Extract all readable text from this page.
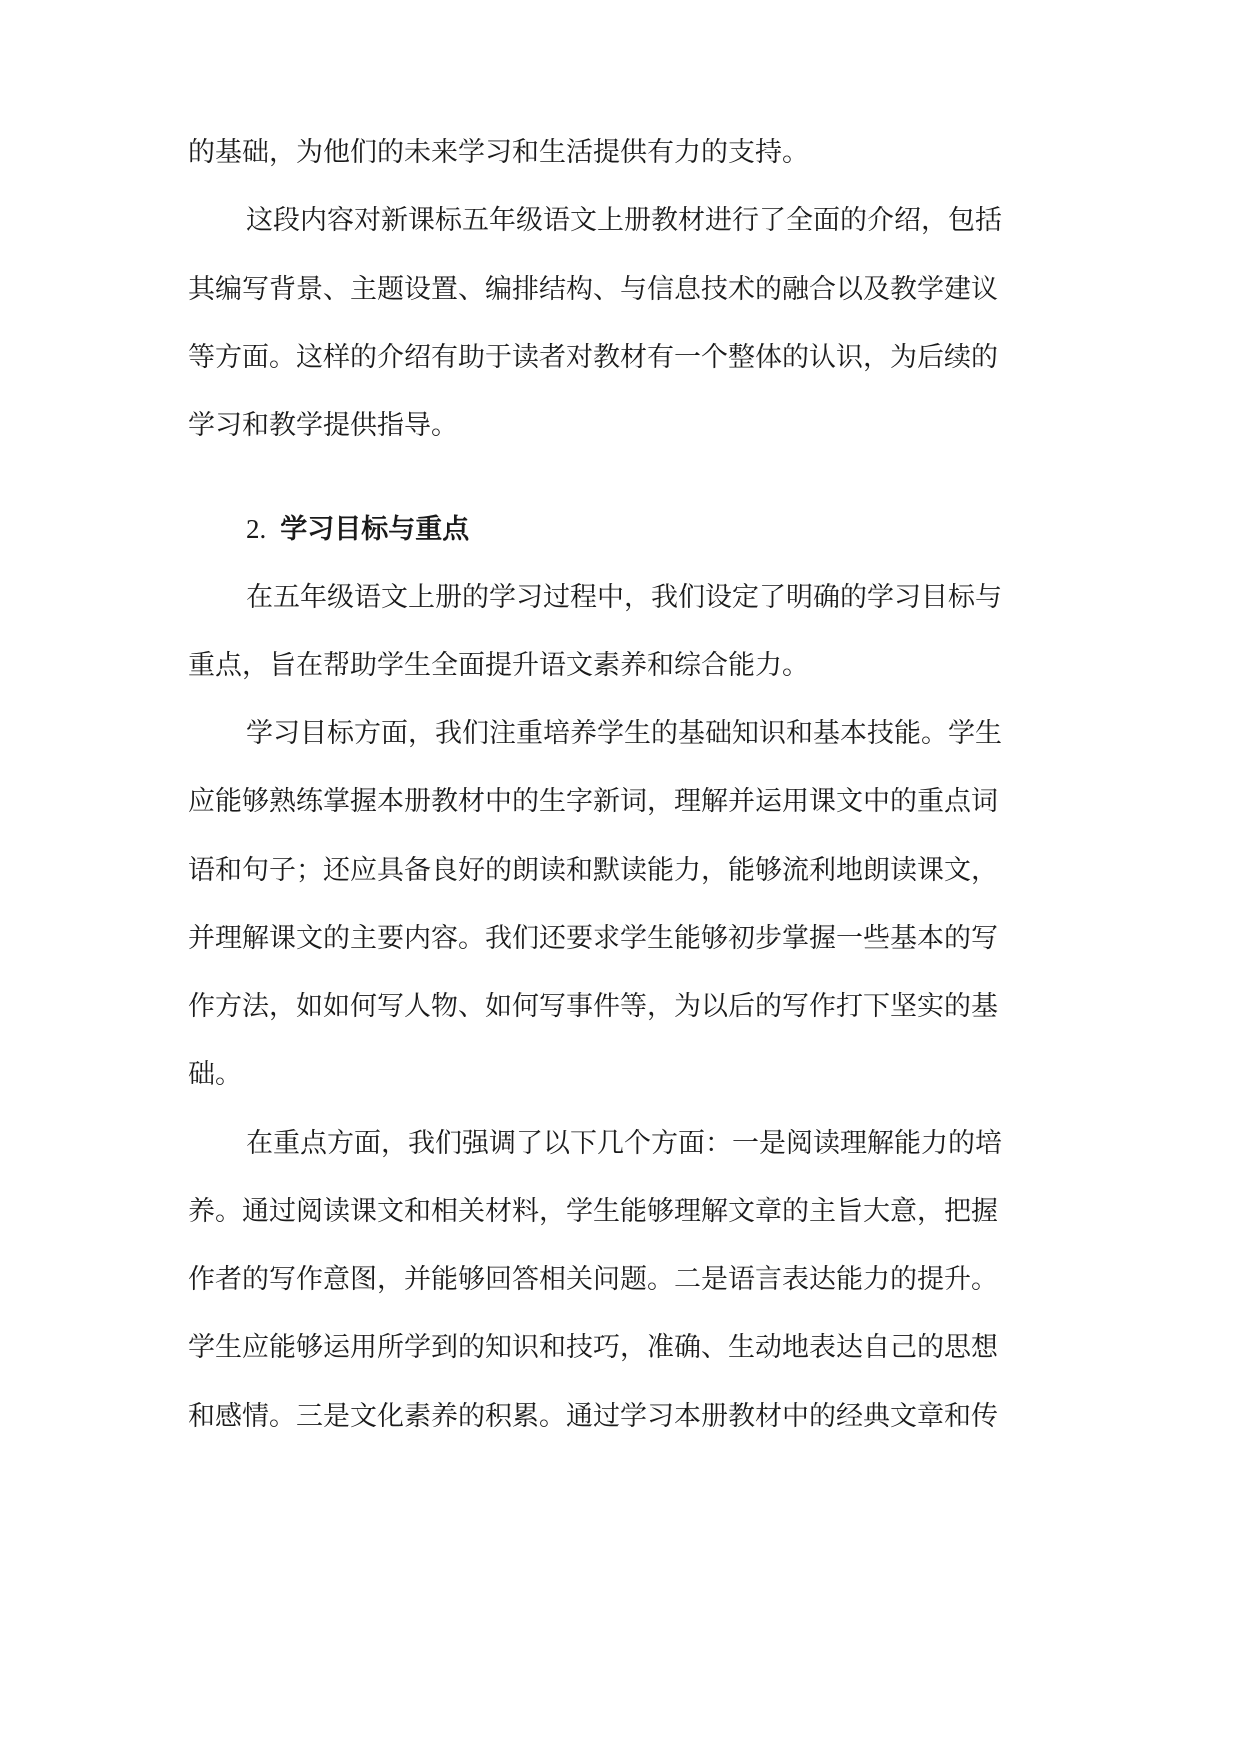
的基础，为他们的未来学习和生活提供有力的支持。

这段内容对新课标五年级语文上册教材进行了全面的介绍，包括

其编写背景、主题设置、编排结构、与信息技术的融合以及教学建议

等方面。这样的介绍有助于读者对教材有一个整体的认识，为后续的

学习和教学提供指导。

2. 学习目标与重点

在五年级语文上册的学习过程中，我们设定了明确的学习目标与

重点，旨在帮助学生全面提升语文素养和综合能力。

学习目标方面，我们注重培养学生的基础知识和基本技能。学生

应能够熟练掌握本册教材中的生字新词，理解并运用课文中的重点词

语和句子；还应具备良好的朗读和默读能力，能够流利地朗读课文，

并理解课文的主要内容。我们还要求学生能够初步掌握一些基本的写

作方法，如如何写人物、如何写事件等，为以后的写作打下坚实的基

础。

在重点方面，我们强调了以下几个方面：一是阅读理解能力的培

养。通过阅读课文和相关材料，学生能够理解文章的主旨大意，把握

作者的写作意图，并能够回答相关问题。二是语言表达能力的提升。

学生应能够运用所学到的知识和技巧，准确、生动地表达自己的思想

和感情。三是文化素养的积累。通过学习本册教材中的经典文章和传
